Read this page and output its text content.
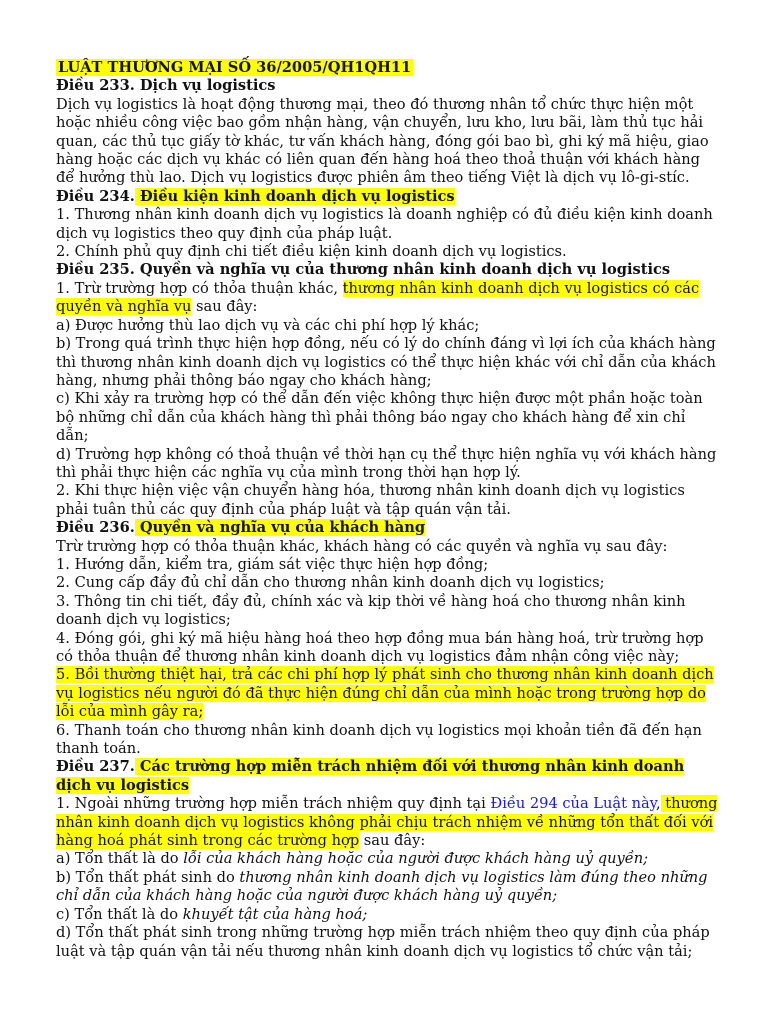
LUẬT THƯƠNG MẠI SỐ 36/2005/QH1QH11

Điều 233. Dịch vụ logistics

Dịch vụ logistics là hoạt động thương mại, theo đó thương nhân tổ chức thực hiện một hoặc nhiều công việc bao gồm nhận hàng, vận chuyển, lưu kho, lưu bãi, làm thủ tục hải quan, các thủ tục giấy tờ khác, tư vấn khách hàng, đóng gói bao bì, ghi ký mã hiệu, giao hàng hoặc các dịch vụ khác có liên quan đến hàng hoá theo thoả thuận với khách hàng để hưởng thù lao. Dịch vụ logistics được phiên âm theo tiếng Việt là dịch vụ lô-gi-stíc.

Điều 234. Điều kiện kinh doanh dịch vụ logistics

1. Thương nhân kinh doanh dịch vụ logistics là doanh nghiệp có đủ điều kiện kinh doanh dịch vụ logistics theo quy định của pháp luật.

2. Chính phủ quy định chi tiết điều kiện kinh doanh dịch vụ logistics.

Điều 235. Quyền và nghĩa vụ của thương nhân kinh doanh dịch vụ logistics

1. Trừ trường hợp có thỏa thuận khác, thương nhân kinh doanh dịch vụ logistics có các quyền và nghĩa vụ sau đây:

a) Được hưởng thù lao dịch vụ và các chi phí hợp lý khác;

b) Trong quá trình thực hiện hợp đồng, nếu có lý do chính đáng vì lợi ích của khách hàng thì thương nhân kinh doanh dịch vụ logistics có thể thực hiện khác với chỉ dẫn của khách hàng, nhưng phải thông báo ngay cho khách hàng;

c) Khi xảy ra trường hợp có thể dẫn đến việc không thực hiện được một phần hoặc toàn bộ những chỉ dẫn của khách hàng thì phải thông báo ngay cho khách hàng để xin chỉ dẫn;

d) Trường hợp không có thoả thuận về thời hạn cụ thể thực hiện nghĩa vụ với khách hàng thì phải thực hiện các nghĩa vụ của mình trong thời hạn hợp lý.

2. Khi thực hiện việc vận chuyển hàng hóa, thương nhân kinh doanh dịch vụ logistics phải tuân thủ các quy định của pháp luật và tập quán vận tải.

Điều 236. Quyền và nghĩa vụ của khách hàng

Trừ trường hợp có thỏa thuận khác, khách hàng có các quyền và nghĩa vụ sau đây:

1. Hướng dẫn, kiểm tra, giám sát việc thực hiện hợp đồng;

2. Cung cấp đầy đủ chỉ dẫn cho thương nhân kinh doanh dịch vụ logistics;

3. Thông tin chi tiết, đầy đủ, chính xác và kịp thời về hàng hoá cho thương nhân kinh doanh dịch vụ logistics;

4. Đóng gói, ghi ký mã hiệu hàng hoá theo hợp đồng mua bán hàng hoá, trừ trường hợp có thỏa thuận để thương nhân kinh doanh dịch vụ logistics đảm nhận công việc này;

5. Bồi thường thiệt hại, trả các chi phí hợp lý phát sinh cho thương nhân kinh doanh dịch vụ logistics nếu người đó đã thực hiện đúng chỉ dẫn của mình hoặc trong trường hợp do lỗi của mình gây ra;

6. Thanh toán cho thương nhân kinh doanh dịch vụ logistics mọi khoản tiền đã đến hạn thanh toán.

Điều 237. Các trường hợp miễn trách nhiệm đối với thương nhân kinh doanh dịch vụ logistics

1. Ngoài những trường hợp miễn trách nhiệm quy định tại Điều 294 của Luật này, thương nhân kinh doanh dịch vụ logistics không phải chịu trách nhiệm về những tổn thất đối với hàng hoá phát sinh trong các trường hợp sau đây:

a) Tổn thất là do lỗi của khách hàng hoặc của người được khách hàng uỷ quyền;

b) Tổn thất phát sinh do thương nhân kinh doanh dịch vụ logistics làm đúng theo những chỉ dẫn của khách hàng hoặc của người được khách hàng uỷ quyền;

c) Tổn thất là do khuyết tật của hàng hoá;

d) Tổn thất phát sinh trong những trường hợp miễn trách nhiệm theo quy định của pháp luật và tập quán vận tải nếu thương nhân kinh doanh dịch vụ logistics tổ chức vận tải;
